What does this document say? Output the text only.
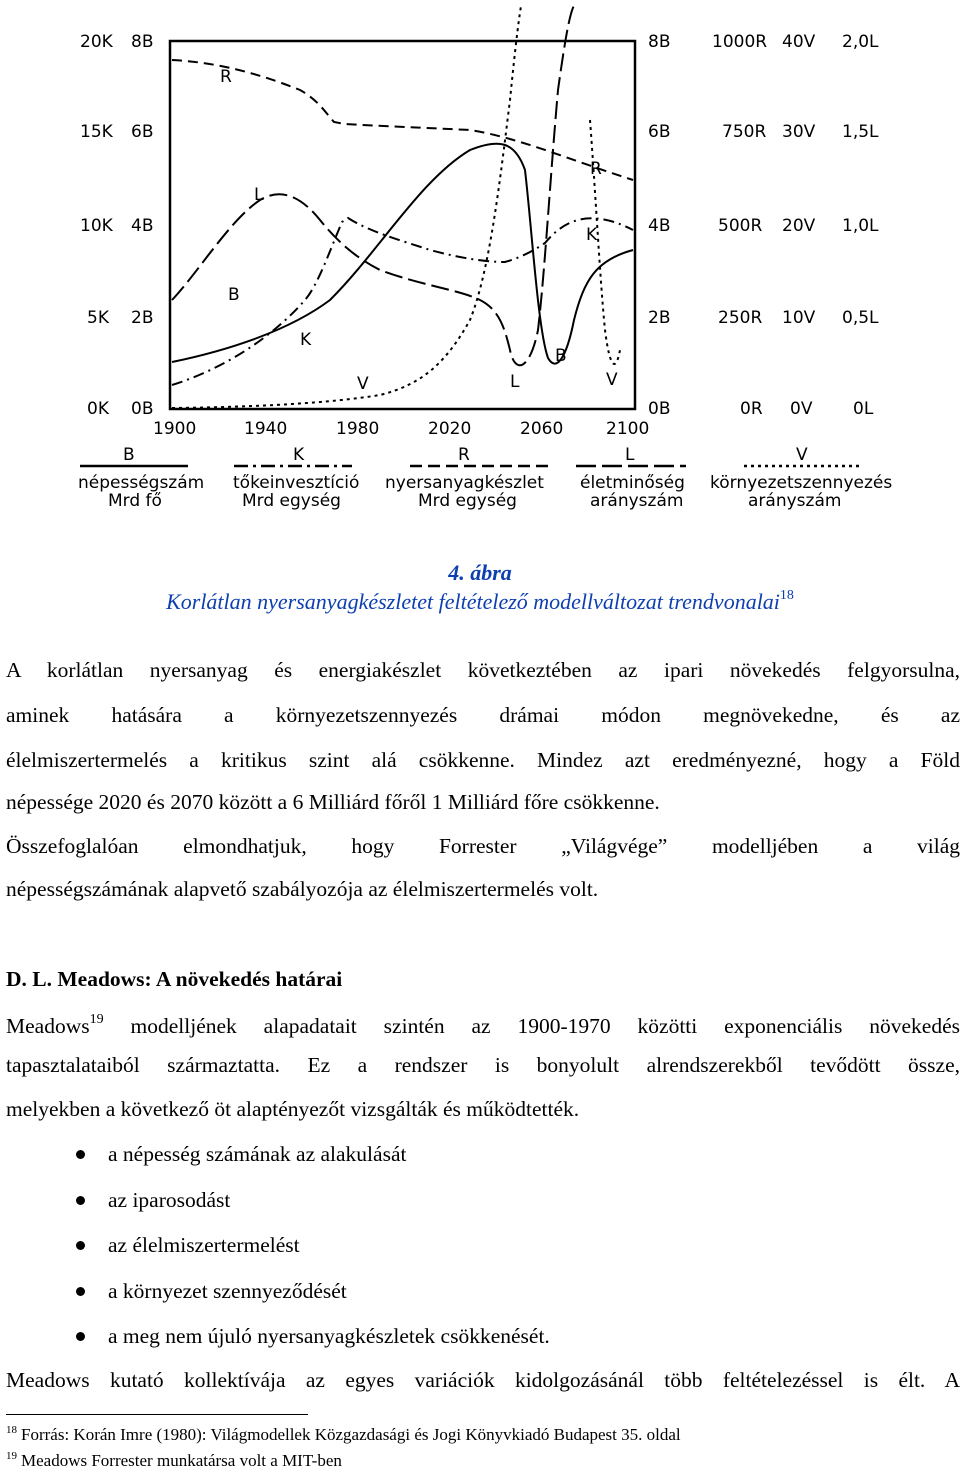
20K
15K
10K
5K
0K
8B
6B
4B
2B
0B
8B
6B
4B
2B
0B
1000R
750R
500R
250R
0R
40V
30V
20V
10V
0V
2,0L
1,5L
1,0L
0,5L
0L
1900	1940	1980	2020	2060	2100
R
L
K
B
R
K
B
V	L	V
B
népességszám
Mrd fő
K
tőkeinvesztíció
Mrd egység
R
nyersanyagkészlet
Mrd egység
L
életminőség
arányszám
V
környezetszennyezés
arányszám
4. ábra
Korlátlan nyersanyagkészletet feltételező modellváltozat trendvonalai$^{18}$

A korlátlan nyersanyag és energiakészlet következtében az ipari növekedés felgyorsulna,

aminek hatására a környezetszennyezés drámai módon megnövekedne, és az

élelmiszertermelés a kritikus szint alá csökkenne. Mindez azt eredményezné, hogy a Föld

népessége 2020 és 2070 között a 6 Milliárd főről 1 Milliárd főre csökkenne.

Összefoglalóan elmondhatjuk, hogy Forrester „Világvége” modelljében a világ

népességszámának alapvető szabályozója az élelmiszertermelés volt.

D. L. Meadows: A növekedés határai

Meadows$^{19}$ modelljének alapadatait szintén az 1900-1970 közötti exponenciális növekedés

tapasztalataiból származtatta. Ez a rendszer is bonyolult alrendszerekből tevődött össze,

melyekben a következő öt alaptényezőt vizsgálták és működtették.

a népesség számának az alakulását
az iparosodást
az élelmiszertermelést
a környezet szennyeződését
a meg nem újuló nyersanyagkészletek csökkenését.

Meadows kutató kollektívája az egyes variációk kidolgozásánál több feltételezéssel is élt. A

$^{18}$ Forrás: Korán Imre (1980): Világmodellek Közgazdasági és Jogi Könyvkiadó Budapest 35. oldal
$^{19}$ Meadows Forrester munkatársa volt a MIT-ben
